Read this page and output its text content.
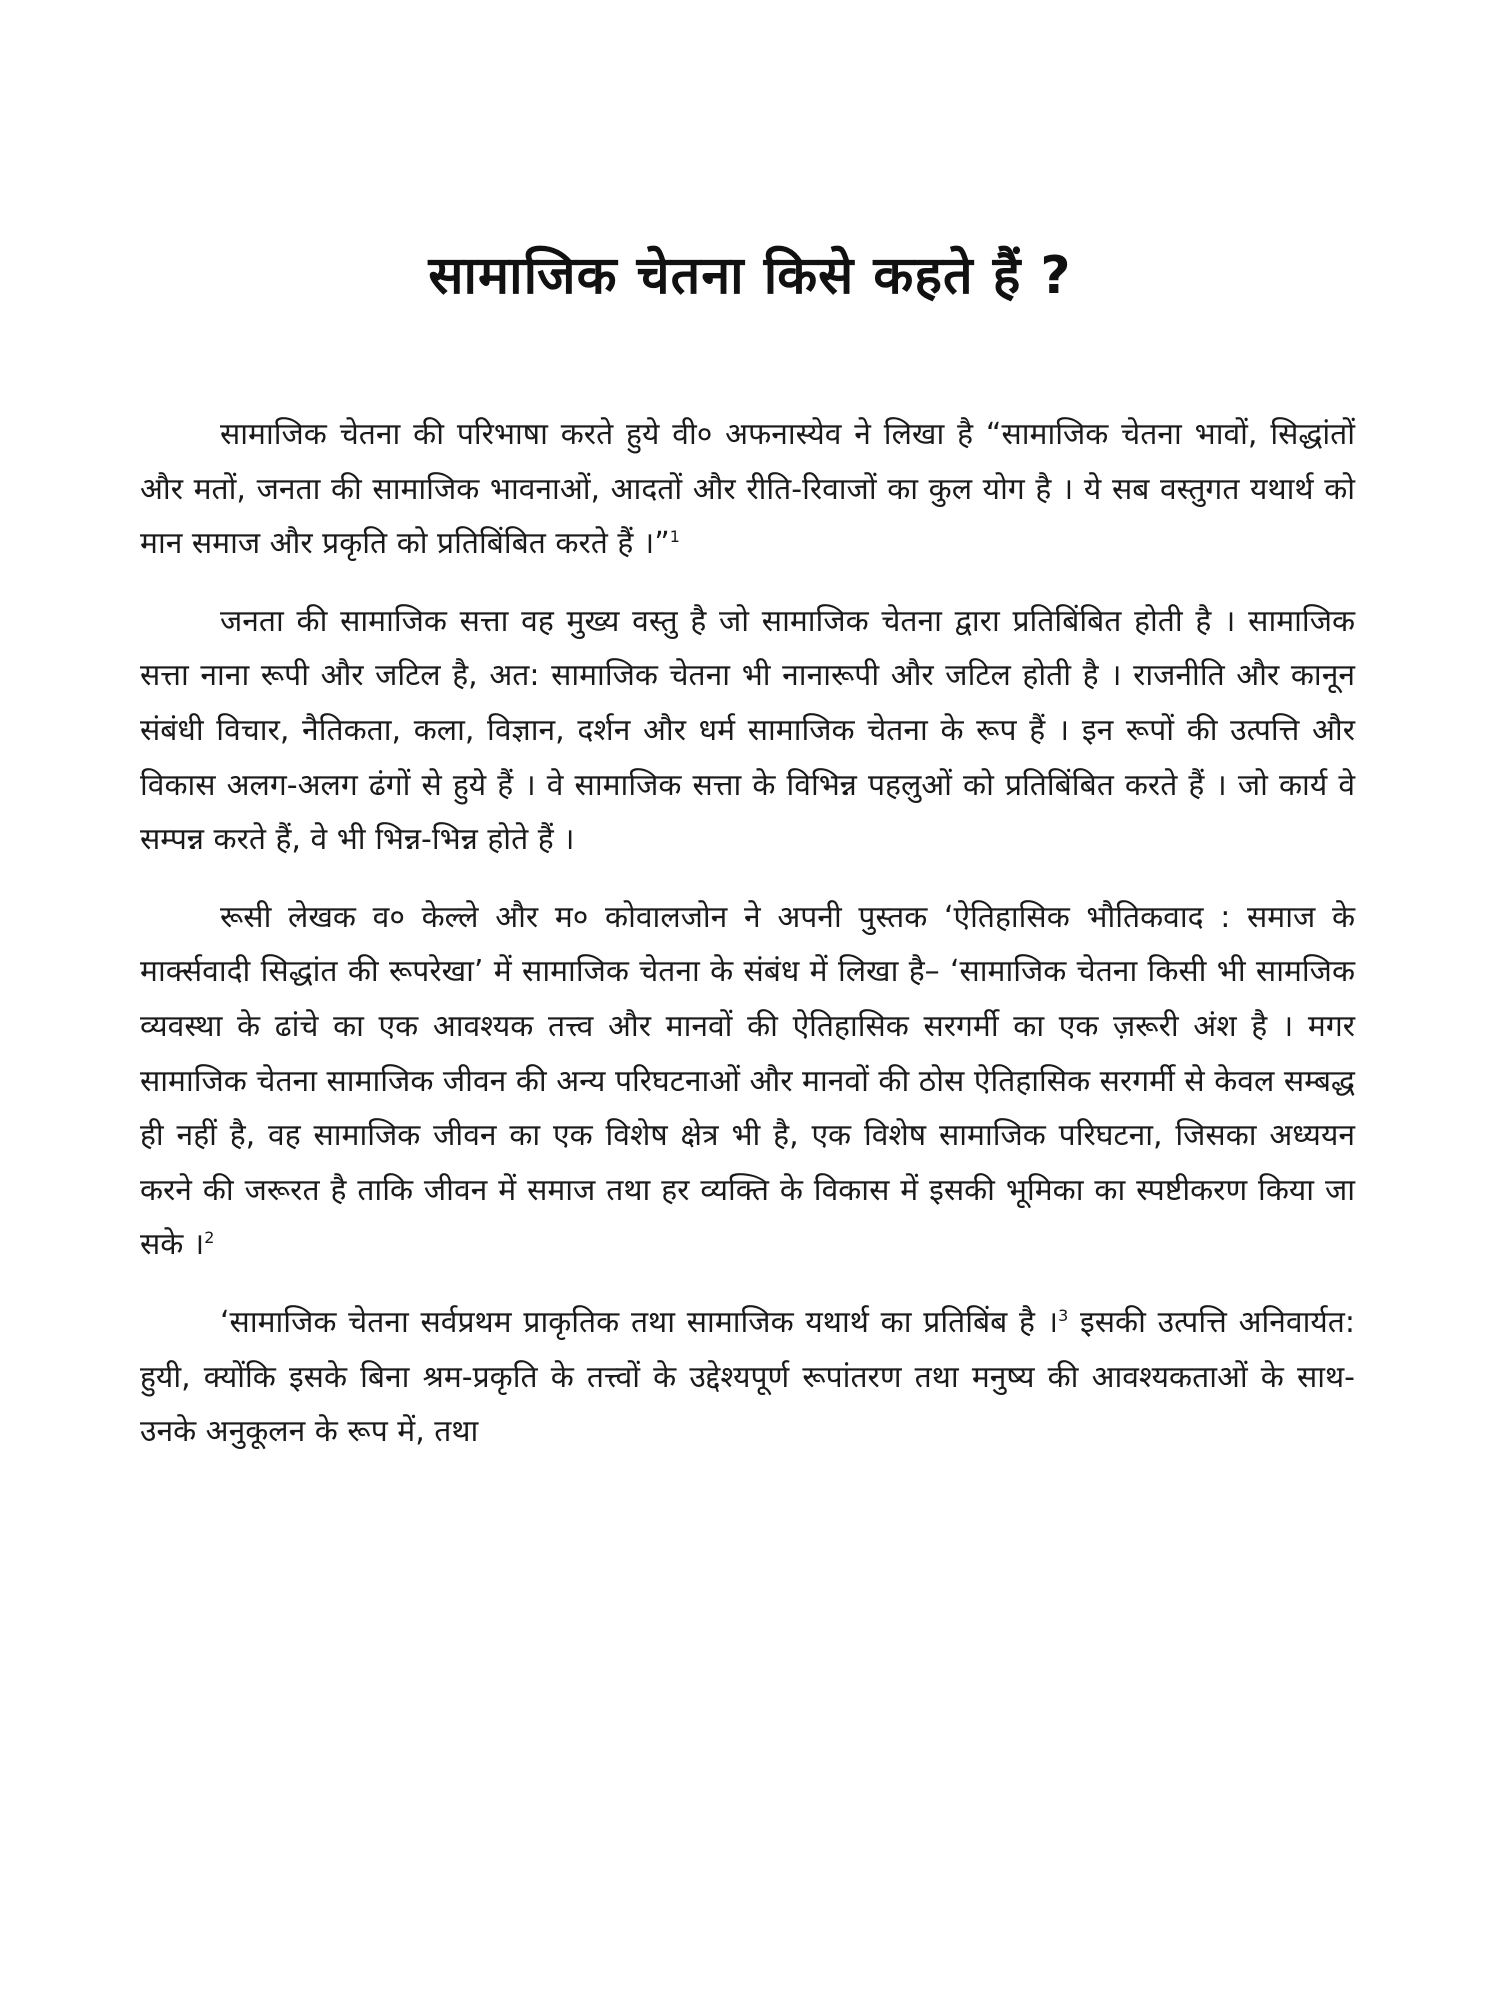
सामाजिक चेतना किसे कहते हैं ?

सामाजिक चेतना की परिभाषा करते हुये वी० अफनास्येव ने लिखा है “सामाजिक चेतना भावों, सिद्धांतों और मतों, जनता की सामाजिक भावनाओं, आदतों और रीति-रिवाजों का कुल योग है । ये सब वस्तुगत यथार्थ को मान समाज और प्रकृति को प्रतिबिंबित करते हैं ।”$^1$

जनता की सामाजिक सत्ता वह मुख्य वस्तु है जो सामाजिक चेतना द्वारा प्रतिबिंबित होती है । सामाजिक सत्ता नाना रूपी और जटिल है, अत: सामाजिक चेतना भी नानारूपी और जटिल होती है । राजनीति और कानून संबंधी विचार, नैतिकता, कला, विज्ञान, दर्शन और धर्म सामाजिक चेतना के रूप हैं । इन रूपों की उत्पत्ति और विकास अलग-अलग ढंगों से हुये हैं । वे सामाजिक सत्ता के विभिन्न पहलुओं को प्रतिबिंबित करते हैं । जो कार्य वे सम्पन्न करते हैं, वे भी भिन्न-भिन्न होते हैं ।

रूसी लेखक व० केल्ले और म० कोवालजोन ने अपनी पुस्तक ‘ऐतिहासिक भौतिकवाद : समाज के मार्क्सवादी सिद्धांत की रूपरेखा’ में सामाजिक चेतना के संबंध में लिखा है– ‘सामाजिक चेतना किसी भी सामजिक व्यवस्था के ढांचे का एक आवश्यक तत्त्व और मानवों की ऐतिहासिक सरगर्मी का एक ज़रूरी अंश है । मगर सामाजिक चेतना सामाजिक जीवन की अन्य परिघटनाओं और मानवों की ठोस ऐतिहासिक सरगर्मी से केवल सम्बद्ध ही नहीं है, वह सामाजिक जीवन का एक विशेष क्षेत्र भी है, एक विशेष सामाजिक परिघटना, जिसका अध्ययन करने की जरूरत है ताकि जीवन में समाज तथा हर व्यक्ति के विकास में इसकी भूमिका का स्पष्टीकरण किया जा सके ।$^2$

‘सामाजिक चेतना सर्वप्रथम प्राकृतिक तथा सामाजिक यथार्थ का प्रतिबिंब है ।$^3$ इसकी उत्पत्ति अनिवार्यत: हुयी, क्योंकि इसके बिना श्रम-प्रकृति के तत्त्वों के उद्देश्यपूर्ण रूपांतरण तथा मनुष्य की आवश्यकताओं के साथ- उनके अनुकूलन के रूप में, तथा
